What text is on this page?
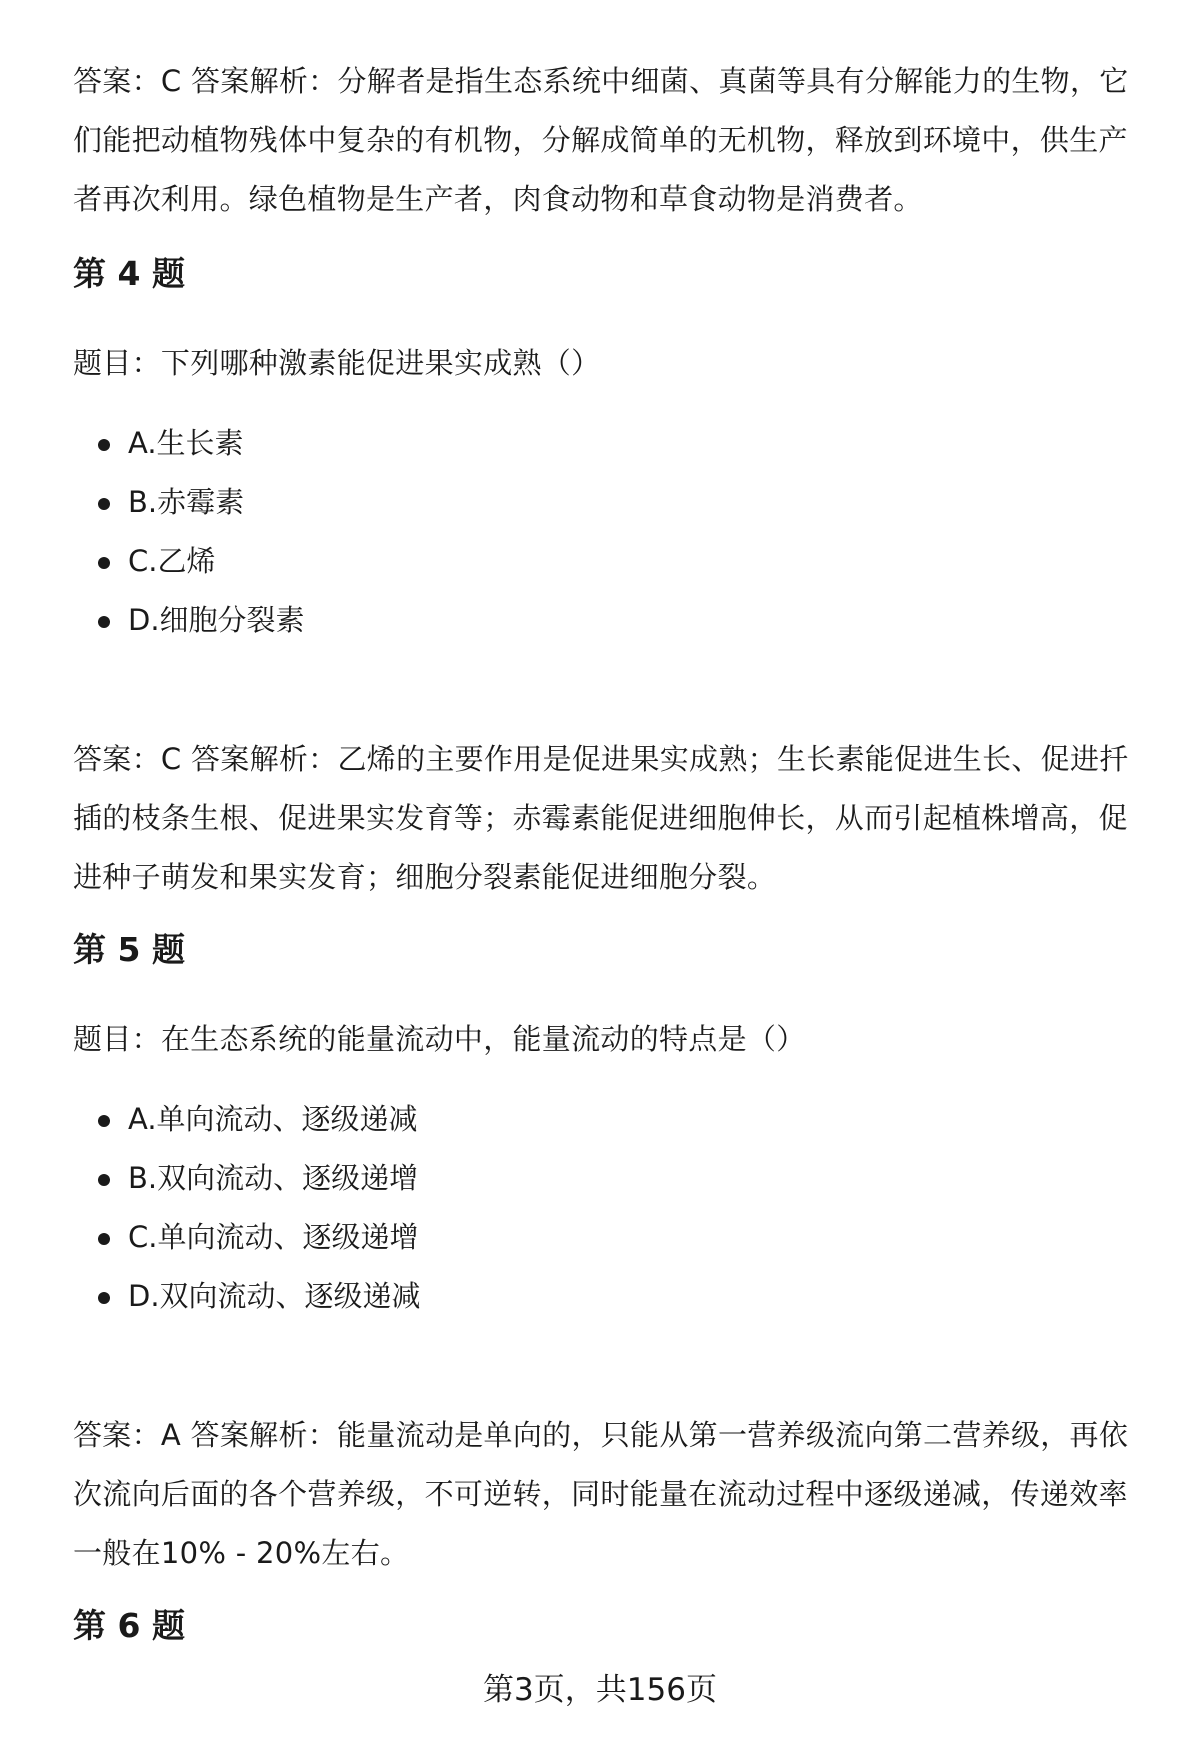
答案：C 答案解析：分解者是指生态系统中细菌、真菌等具有分解能力的生物，它们能把动植物残体中复杂的有机物，分解成简单的无机物，释放到环境中，供生产者再次利用。绿色植物是生产者，肉食动物和草食动物是消费者。

第 4 题

题目：下列哪种激素能促进果实成熟（）

A.生长素
B.赤霉素
C.乙烯
D.细胞分裂素

答案：C 答案解析：乙烯的主要作用是促进果实成熟；生长素能促进生长、促进扦插的枝条生根、促进果实发育等；赤霉素能促进细胞伸长，从而引起植株增高，促进种子萌发和果实发育；细胞分裂素能促进细胞分裂。

第 5 题

题目：在生态系统的能量流动中，能量流动的特点是（）

A.单向流动、逐级递减
B.双向流动、逐级递增
C.单向流动、逐级递增
D.双向流动、逐级递减

答案：A 答案解析：能量流动是单向的，只能从第一营养级流向第二营养级，再依次流向后面的各个营养级，不可逆转，同时能量在流动过程中逐级递减，传递效率一般在10% - 20%左右。

第 6 题
第3页，共156页
